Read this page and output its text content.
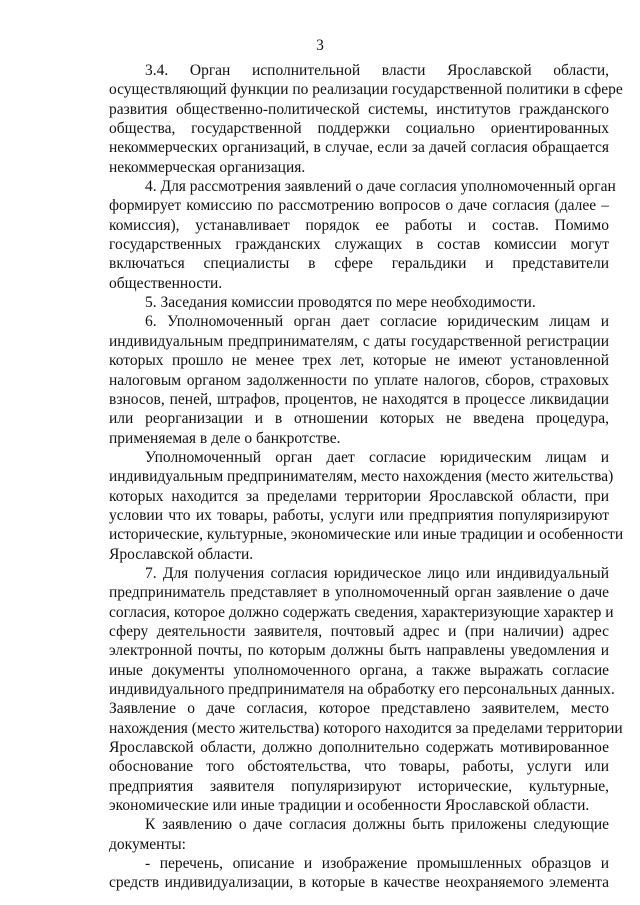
3

3.4. Орган исполнительной власти Ярославской области,
осуществляющий функции по реализации государственной политики в сфере
развития общественно-политической системы, институтов гражданского
общества, государственной поддержки социально ориентированных
некоммерческих организаций, в случае, если за дачей согласия обращается
некоммерческая организация.

4. Для рассмотрения заявлений о даче согласия уполномоченный орган
формирует комиссию по рассмотрению вопросов о даче согласия (далее –
комиссия), устанавливает порядок ее работы и состав. Помимо
государственных гражданских служащих в состав комиссии могут
включаться специалисты в сфере геральдики и представители
общественности.

5. Заседания комиссии проводятся по мере необходимости.

6. Уполномоченный орган дает согласие юридическим лицам и
индивидуальным предпринимателям, с даты государственной регистрации
которых прошло не менее трех лет, которые не имеют установленной
налоговым органом задолженности по уплате налогов, сборов, страховых
взносов, пеней, штрафов, процентов, не находятся в процессе ликвидации
или реорганизации и в отношении которых не введена процедура,
применяемая в деле о банкротстве.

Уполномоченный орган дает согласие юридическим лицам и
индивидуальным предпринимателям, место нахождения (место жительства)
которых находится за пределами территории Ярославской области, при
условии что их товары, работы, услуги или предприятия популяризируют
исторические, культурные, экономические или иные традиции и особенности
Ярославской области.

7. Для получения согласия юридическое лицо или индивидуальный
предприниматель представляет в уполномоченный орган заявление о даче
согласия, которое должно содержать сведения, характеризующие характер и
сферу деятельности заявителя, почтовый адрес и (при наличии) адрес
электронной почты, по которым должны быть направлены уведомления и
иные документы уполномоченного органа, а также выражать согласие
индивидуального предпринимателя на обработку его персональных данных.
Заявление о даче согласия, которое представлено заявителем, место
нахождения (место жительства) которого находится за пределами территории
Ярославской области, должно дополнительно содержать мотивированное
обоснование того обстоятельства, что товары, работы, услуги или
предприятия заявителя популяризируют исторические, культурные,
экономические или иные традиции и особенности Ярославской области.

К заявлению о даче согласия должны быть приложены следующие
документы:

- перечень, описание и изображение промышленных образцов и
средств индивидуализации, в которые в качестве неохраняемого элемента
